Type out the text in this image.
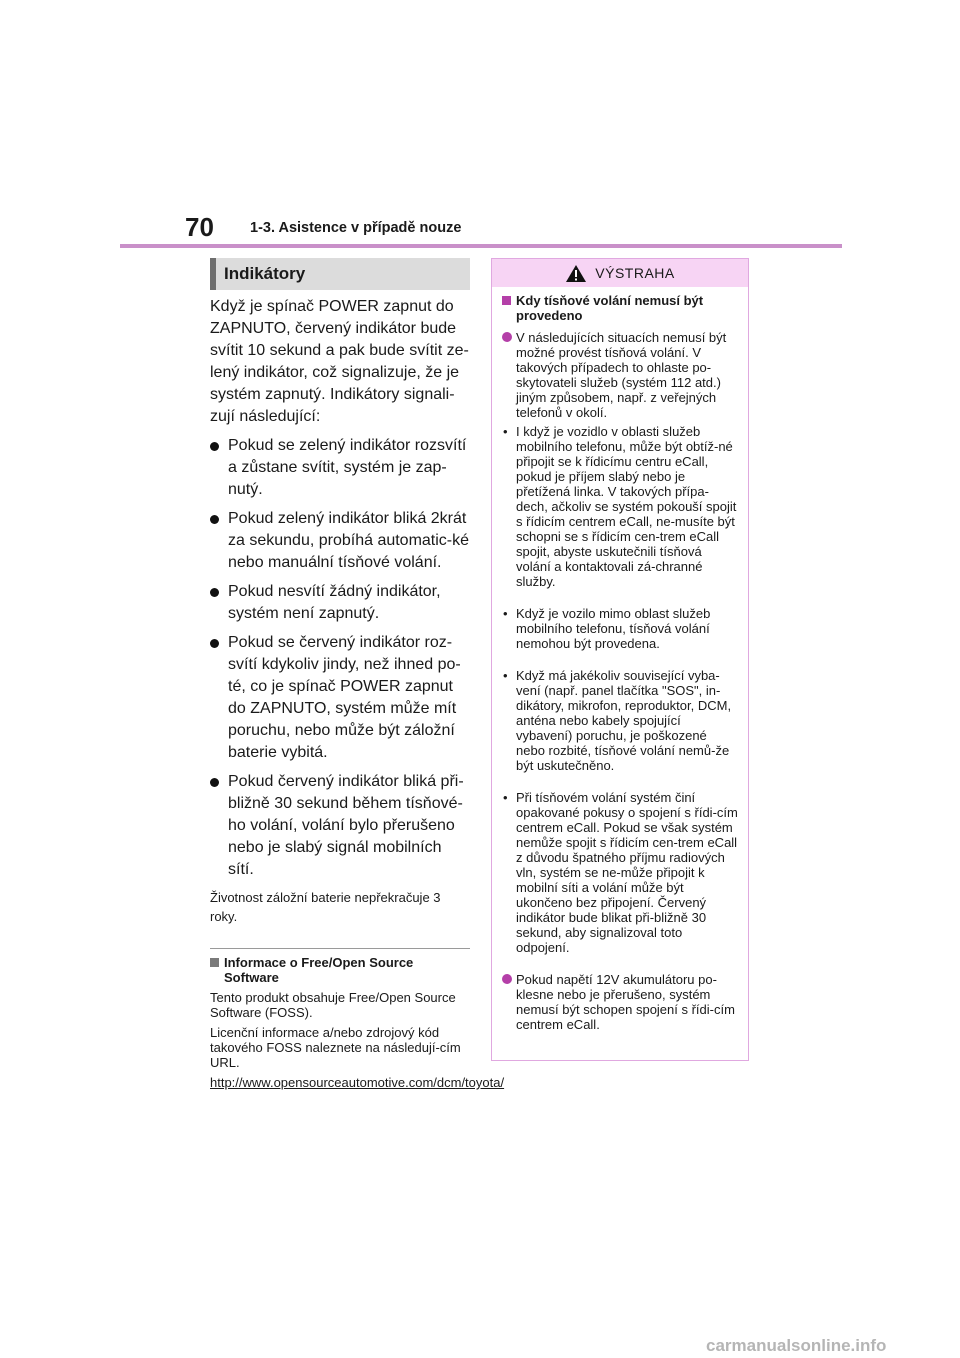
70 1-3. Asistence v případě nouze
Indikátory

Když je spínač POWER zapnut do ZAPNUTO, červený indikátor bude svítit 10 sekund a pak bude svítit ze-lený indikátor, což signalizuje, že je systém zapnutý. Indikátory signali-zují následující:

Pokud se zelený indikátor rozsvítí a zůstane svítit, systém je zap-nutý.
Pokud zelený indikátor bliká 2krát za sekundu, probíhá automatic-ké nebo manuální tísňové volání.
Pokud nesvítí žádný indikátor, systém není zapnutý.
Pokud se červený indikátor roz-svítí kdykoliv jindy, než ihned po-té, co je spínač POWER zapnut do ZAPNUTO, systém může mít poruchu, nebo může být záložní baterie vybitá.
Pokud červený indikátor bliká při-bližně 30 sekund během tísňové-ho volání, volání bylo přerušeno nebo je slabý signál mobilních sítí.

Životnost záložní baterie nepřekračuje 3 roky.

Informace o Free/Open Source Software

Tento produkt obsahuje Free/Open Source Software (FOSS).

Licenční informace a/nebo zdrojový kód takového FOSS naleznete na následují-cím URL.

http://www.opensourceautomotive.com/dcm/toyota/
VÝSTRAHA
Kdy tísňové volání nemusí být provedeno
V následujících situacích nemusí být možné provést tísňová volání. V takových případech to ohlaste po-skytovateli služeb (systém 112 atd.) jiným způsobem, např. z veřejných telefonů v okolí.
• I když je vozidlo v oblasti služeb mobilního telefonu, může být obtíž-né připojit se k řídicímu centru eCall, pokud je příjem slabý nebo je přetížená linka. V takových přípa-dech, ačkoliv se systém pokouší spojit s řídicím centrem eCall, ne-musíte být schopni se s řídicím cen-trem eCall spojit, abyste uskutečnili tísňová volání a kontaktovali zá-chranné služby.
• Když je vozilo mimo oblast služeb mobilního telefonu, tísňová volání nemohou být provedena.
• Když má jakékoliv související vyba-vení (např. panel tlačítka "SOS", in-dikátory, mikrofon, reproduktor, DCM, anténa nebo kabely spojující vybavení) poruchu, je poškozené nebo rozbité, tísňové volání nemů-že být uskutečněno.
• Při tísňovém volání systém činí opakované pokusy o spojení s řídi-cím centrem eCall. Pokud se však systém nemůže spojit s řídicím cen-trem eCall z důvodu špatného příjmu radiových vln, systém se ne-může připojit k mobilní síti a volání může být ukončeno bez připojení. Červený indikátor bude blikat při-bližně 30 sekund, aby signalizoval toto odpojení.
Pokud napětí 12V akumulátoru po-klesne nebo je přerušeno, systém nemusí být schopen spojení s řídi-cím centrem eCall.
carmanualsonline.info
